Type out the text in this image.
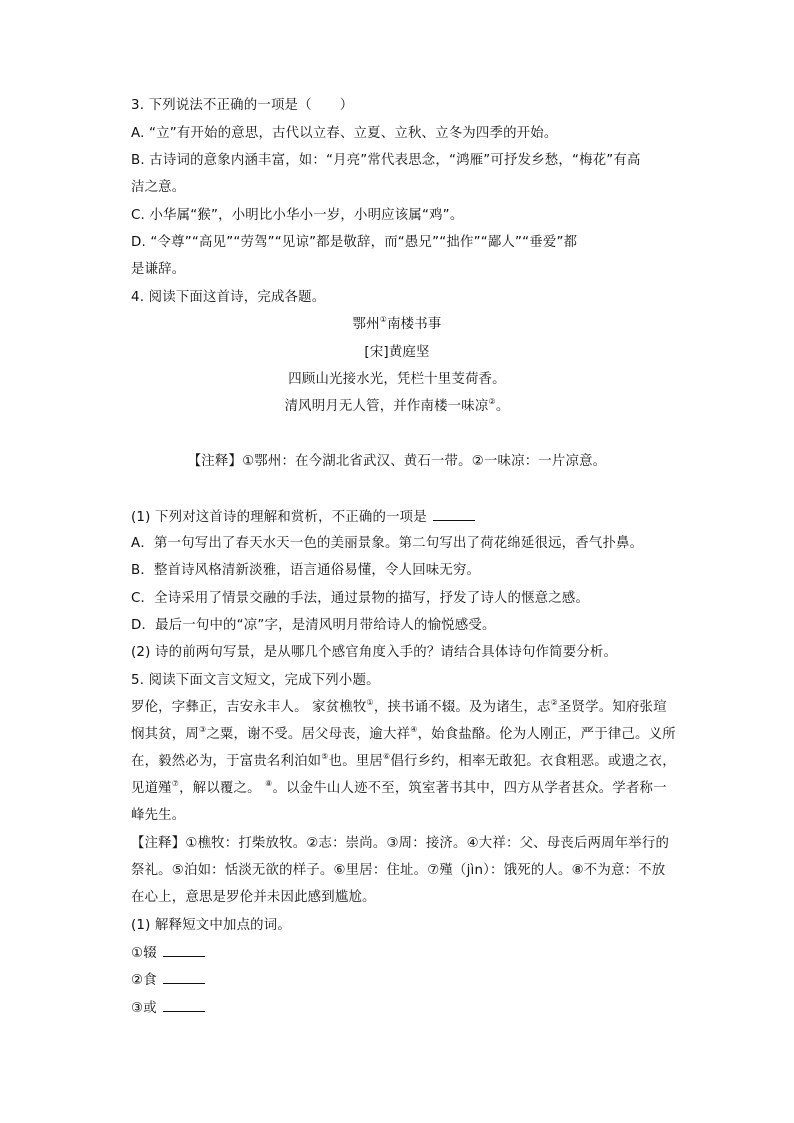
3. 下列说法不正确的一项是（ ）
A. “立”有开始的意思，古代以立春、立夏、立秋、立冬为四季的开始。
B. 古诗词的意象内涵丰富，如：“月亮”常代表思念，“鸿雁”可抒发乡愁，“梅花”有高
洁之意。
C. 小华属“猴”，小明比小华小一岁，小明应该属“鸡”。
D. “令尊”“高见”“劳驾”“见谅”都是敬辞，而“愚兄”“拙作”“鄙人”“垂爱”都
是谦辞。
4. 阅读下面这首诗，完成各题。
鄂州①南楼书事
[宋]黄庭坚
四顾山光接水光，凭栏十里芰荷香。
清风明月无人管，并作南楼一味凉②。
【注释】①鄂州：在今湖北省武汉、黄石一带。②一味凉：一片凉意。
(1) 下列对这首诗的理解和赏析，不正确的一项是
A．第一句写出了春天水天一色的美丽景象。第二句写出了荷花绵延很远，香气扑鼻。
B．整首诗风格清新淡雅，语言通俗易懂，令人回味无穷。
C．全诗采用了情景交融的手法，通过景物的描写，抒发了诗人的惬意之感。
D．最后一句中的“凉”字，是清风明月带给诗人的愉悦感受。
(2) 诗的前两句写景，是从哪几个感官角度入手的？请结合具体诗句作简要分析。
5. 阅读下面文言文短文，完成下列小题。
罗伦，字彝正，吉安永丰人。 家贫樵牧①，挟书诵不辍。及为诸生，志②圣贤学。知府张瑄
悯其贫，周③之粟，谢不受。居父母丧，逾大祥④，始食盐酪。伦为人刚正，严于律己。义所
在，毅然必为，于富贵名利泊如⑤也。里居⑥倡行乡约，相率无敢犯。衣食粗恶。或遗之衣，
见道殣⑦，解以覆之。 ⑧。以金牛山人迹不至，筑室著书其中，四方从学者甚众。学者称一
峰先生。
【注释】①樵牧：打柴放牧。②志：崇尚。③周：接济。④大祥：父、母丧后两周年举行的
祭礼。⑤泊如：恬淡无欲的样子。⑥里居：住址。⑦殣（jìn）：饿死的人。⑧不为意：不放
在心上，意思是罗伦并未因此感到尴尬。
(1) 解释短文中加点的词。
①辍
②食
③或
